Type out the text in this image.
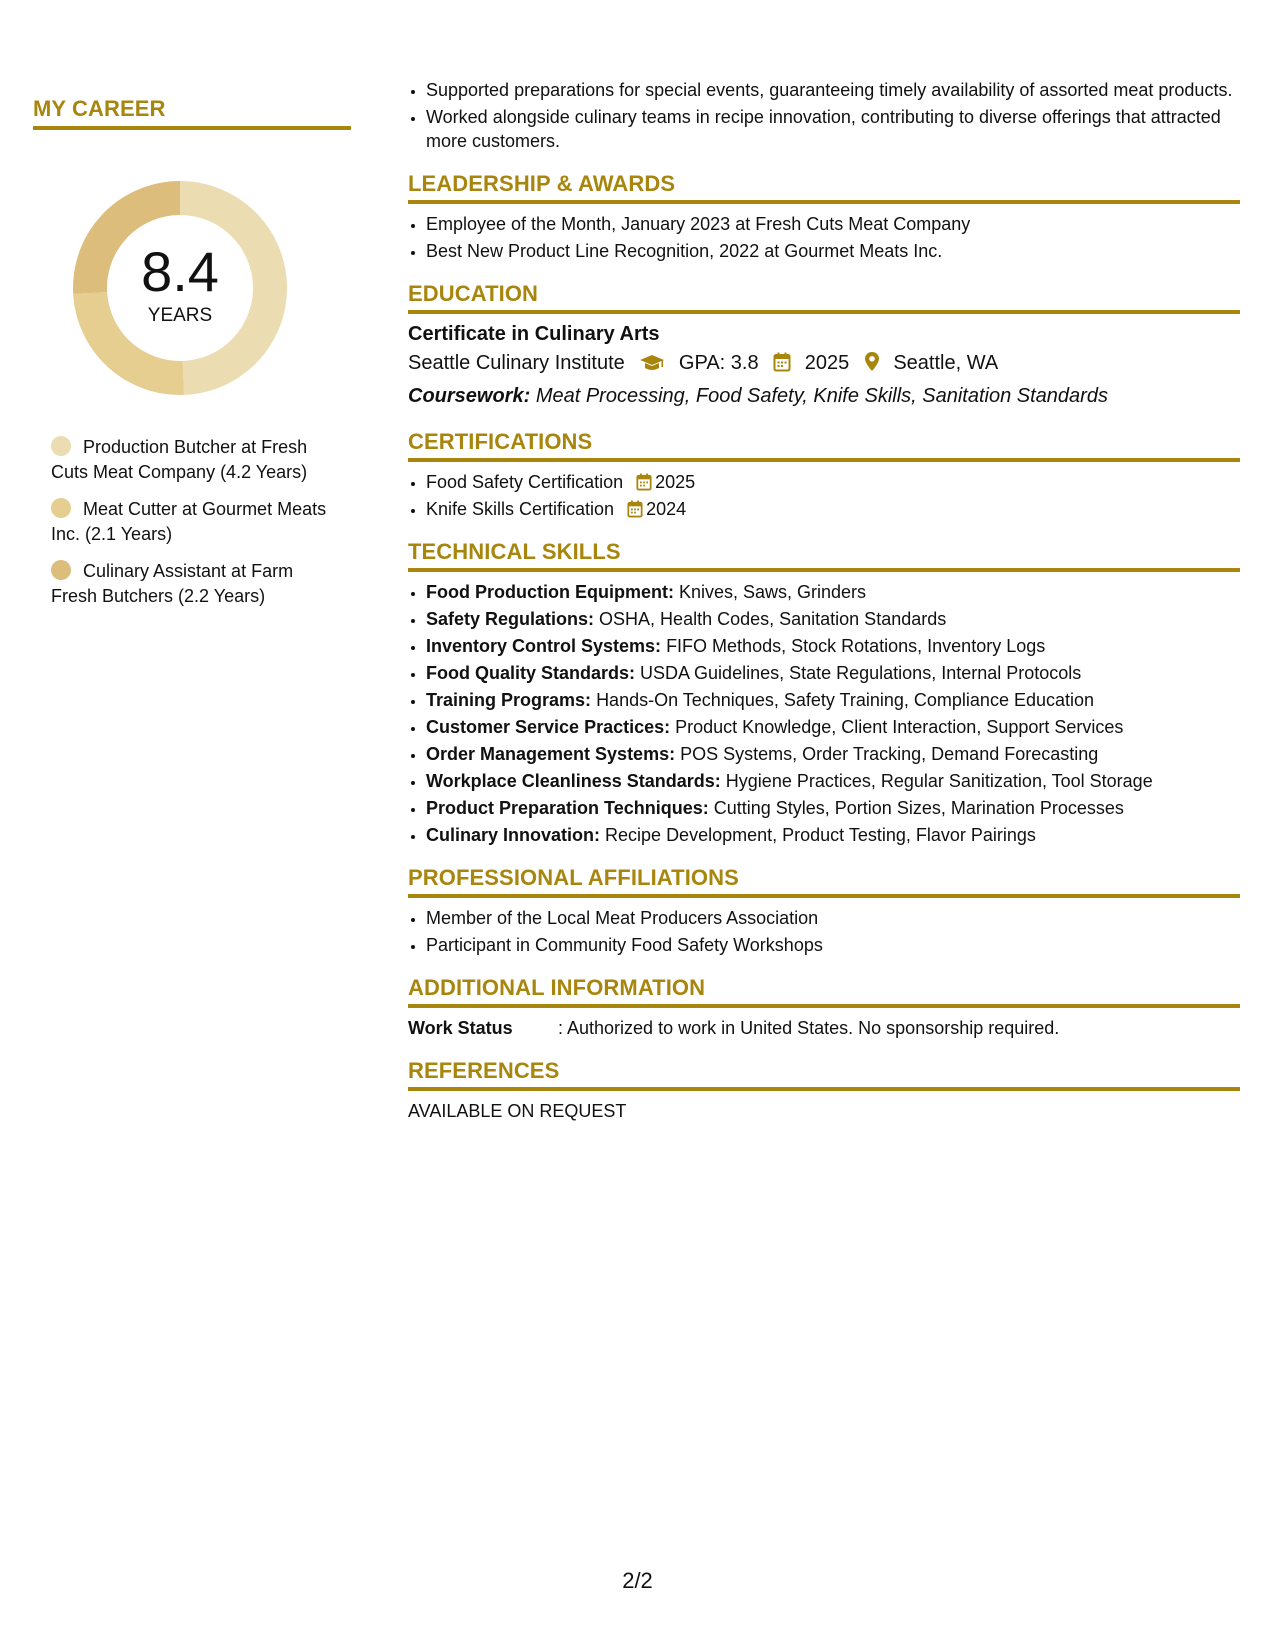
MY CAREER
8.4
YEARS
Production Butcher at Fresh Cuts Meat Company (4.2 Years)
Meat Cutter at Gourmet Meats Inc. (2.1 Years)
Culinary Assistant at Farm Fresh Butchers (2.2 Years)
• Supported preparations for special events, guaranteeing timely availability of assorted meat products.
• Worked alongside culinary teams in recipe innovation, contributing to diverse offerings that attracted more customers.
LEADERSHIP & AWARDS
• Employee of the Month, January 2023 at Fresh Cuts Meat Company
• Best New Product Line Recognition, 2022 at Gourmet Meats Inc.
EDUCATION
Certificate in Culinary Arts
Seattle Culinary Institute	GPA: 3.8 2025 Seattle, WA
Coursework: Meat Processing, Food Safety, Knife Skills, Sanitation Standards
CERTIFICATIONS
• Food Safety Certification 2025
• Knife Skills Certification 2024
TECHNICAL SKILLS
• Food Production Equipment: Knives, Saws, Grinders
• Safety Regulations: OSHA, Health Codes, Sanitation Standards
• Inventory Control Systems: FIFO Methods, Stock Rotations, Inventory Logs
• Food Quality Standards: USDA Guidelines, State Regulations, Internal Protocols
• Training Programs: Hands-On Techniques, Safety Training, Compliance Education
• Customer Service Practices: Product Knowledge, Client Interaction, Support Services
• Order Management Systems: POS Systems, Order Tracking, Demand Forecasting
• Workplace Cleanliness Standards: Hygiene Practices, Regular Sanitization, Tool Storage
• Product Preparation Techniques: Cutting Styles, Portion Sizes, Marination Processes
• Culinary Innovation: Recipe Development, Product Testing, Flavor Pairings
PROFESSIONAL AFFILIATIONS
• Member of the Local Meat Producers Association
• Participant in Community Food Safety Workshops
ADDITIONAL INFORMATION
Work Status	: Authorized to work in United States. No sponsorship required.
REFERENCES
AVAILABLE ON REQUEST
2/2
